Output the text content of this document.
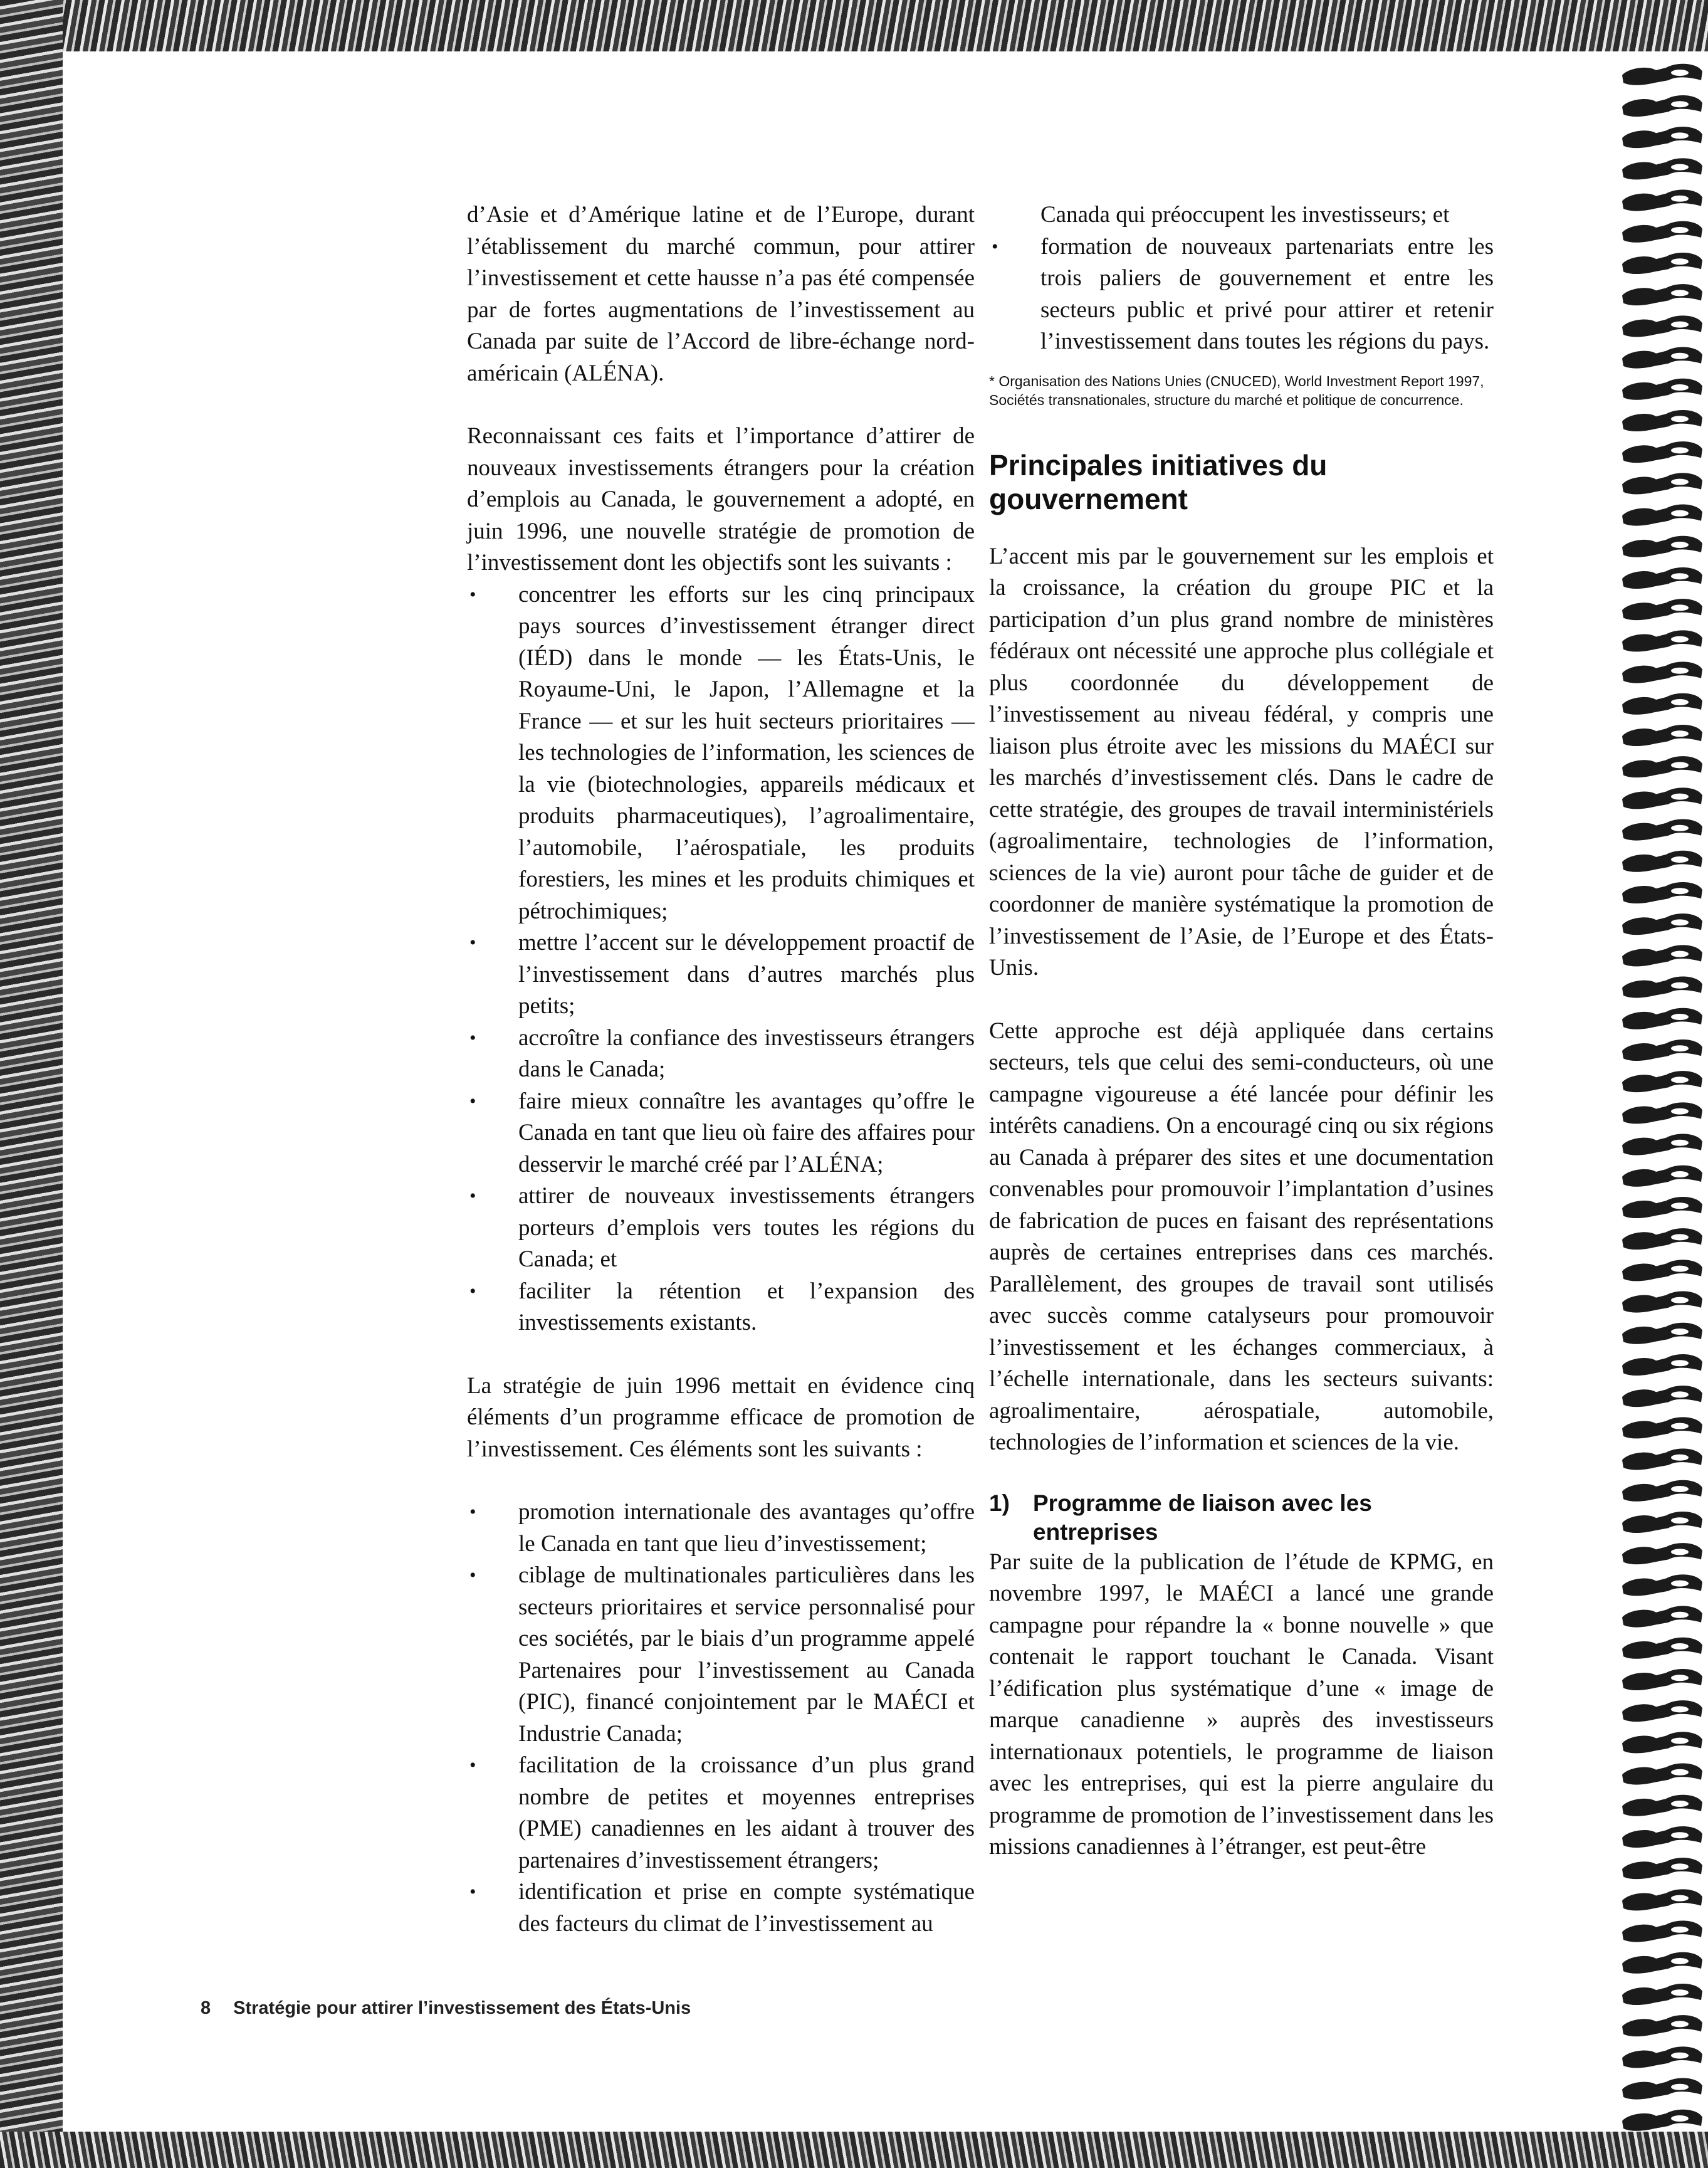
d’Asie et d’Amérique latine et de l’Europe, durant l’établissement du marché commun, pour attirer l’investissement et cette hausse n’a pas été compensée par de fortes augmentations de l’investissement au Canada par suite de l’Accord de libre-échange nord-américain (ALÉNA).

Reconnaissant ces faits et l’importance d’attirer de nouveaux investissements étrangers pour la création d’emplois au Canada, le gouvernement a adopté, en juin 1996, une nouvelle stratégie de promotion de l’investissement dont les objectifs sont les suivants :

• concentrer les efforts sur les cinq principaux pays sources d’investissement étranger direct (IÉD) dans le monde — les États-Unis, le Royaume-Uni, le Japon, l’Allemagne et la France — et sur les huit secteurs prioritaires — les technologies de l’information, les sciences de la vie (biotechnologies, appareils médicaux et produits pharmaceutiques), l’agroalimentaire, l’automobile, l’aérospatiale, les produits forestiers, les mines et les produits chimiques et pétrochimiques;
• mettre l’accent sur le développement proactif de l’investissement dans d’autres marchés plus petits;
• accroître la confiance des investisseurs étrangers dans le Canada;
• faire mieux connaître les avantages qu’offre le Canada en tant que lieu où faire des affaires pour desservir le marché créé par l’ALÉNA;
• attirer de nouveaux investissements étrangers porteurs d’emplois vers toutes les régions du Canada; et
• faciliter la rétention et l’expansion des investissements existants.

La stratégie de juin 1996 mettait en évidence cinq éléments d’un programme efficace de promotion de l’investissement. Ces éléments sont les suivants :

• promotion internationale des avantages qu’offre le Canada en tant que lieu d’investissement;
• ciblage de multinationales particulières dans les secteurs prioritaires et service personnalisé pour ces sociétés, par le biais d’un programme appelé Partenaires pour l’investissement au Canada (PIC), financé conjointement par le MAÉCI et Industrie Canada;
• facilitation de la croissance d’un plus grand nombre de petites et moyennes entreprises (PME) canadiennes en les aidant à trouver des partenaires d’investissement étrangers;
• identification et prise en compte systématique des facteurs du climat de l’investissement au
Canada qui préoccupent les investisseurs; et
• formation de nouveaux partenariats entre les trois paliers de gouvernement et entre les secteurs public et privé pour attirer et retenir l’investissement dans toutes les régions du pays.

* Organisation des Nations Unies (CNUCED), World Investment Report 1997, Sociétés transnationales, structure du marché et politique de concurrence.

Principales initiatives du gouvernement

L’accent mis par le gouvernement sur les emplois et la croissance, la création du groupe PIC et la participation d’un plus grand nombre de ministères fédéraux ont nécessité une approche plus collégiale et plus coordonnée du développement de l’investissement au niveau fédéral, y compris une liaison plus étroite avec les missions du MAÉCI sur les marchés d’investissement clés. Dans le cadre de cette stratégie, des groupes de travail interministériels (agroalimentaire, technologies de l’information, sciences de la vie) auront pour tâche de guider et de coordonner de manière systématique la promotion de l’investissement de l’Asie, de l’Europe et des États-Unis.

Cette approche est déjà appliquée dans certains secteurs, tels que celui des semi-conducteurs, où une campagne vigoureuse a été lancée pour définir les intérêts canadiens. On a encouragé cinq ou six régions au Canada à préparer des sites et une documentation convenables pour promouvoir l’implantation d’usines de fabrication de puces en faisant des représentations auprès de certaines entreprises dans ces marchés. Parallèlement, des groupes de travail sont utilisés avec succès comme catalyseurs pour promouvoir l’investissement et les échanges commerciaux, à l’échelle internationale, dans les secteurs suivants: agroalimentaire, aérospatiale, automobile, technologies de l’information et sciences de la vie.

1)	Programme de liaison avec les entreprises

Par suite de la publication de l’étude de KPMG, en novembre 1997, le MAÉCI a lancé une grande campagne pour répandre la « bonne nouvelle » que contenait le rapport touchant le Canada. Visant l’édification plus systématique d’une « image de marque canadienne » auprès des investisseurs internationaux potentiels, le programme de liaison avec les entreprises, qui est la pierre angulaire du programme de promotion de l’investissement dans les missions canadiennes à l’étranger, est peut-être

8 Stratégie pour attirer l’investissement des États-Unis
